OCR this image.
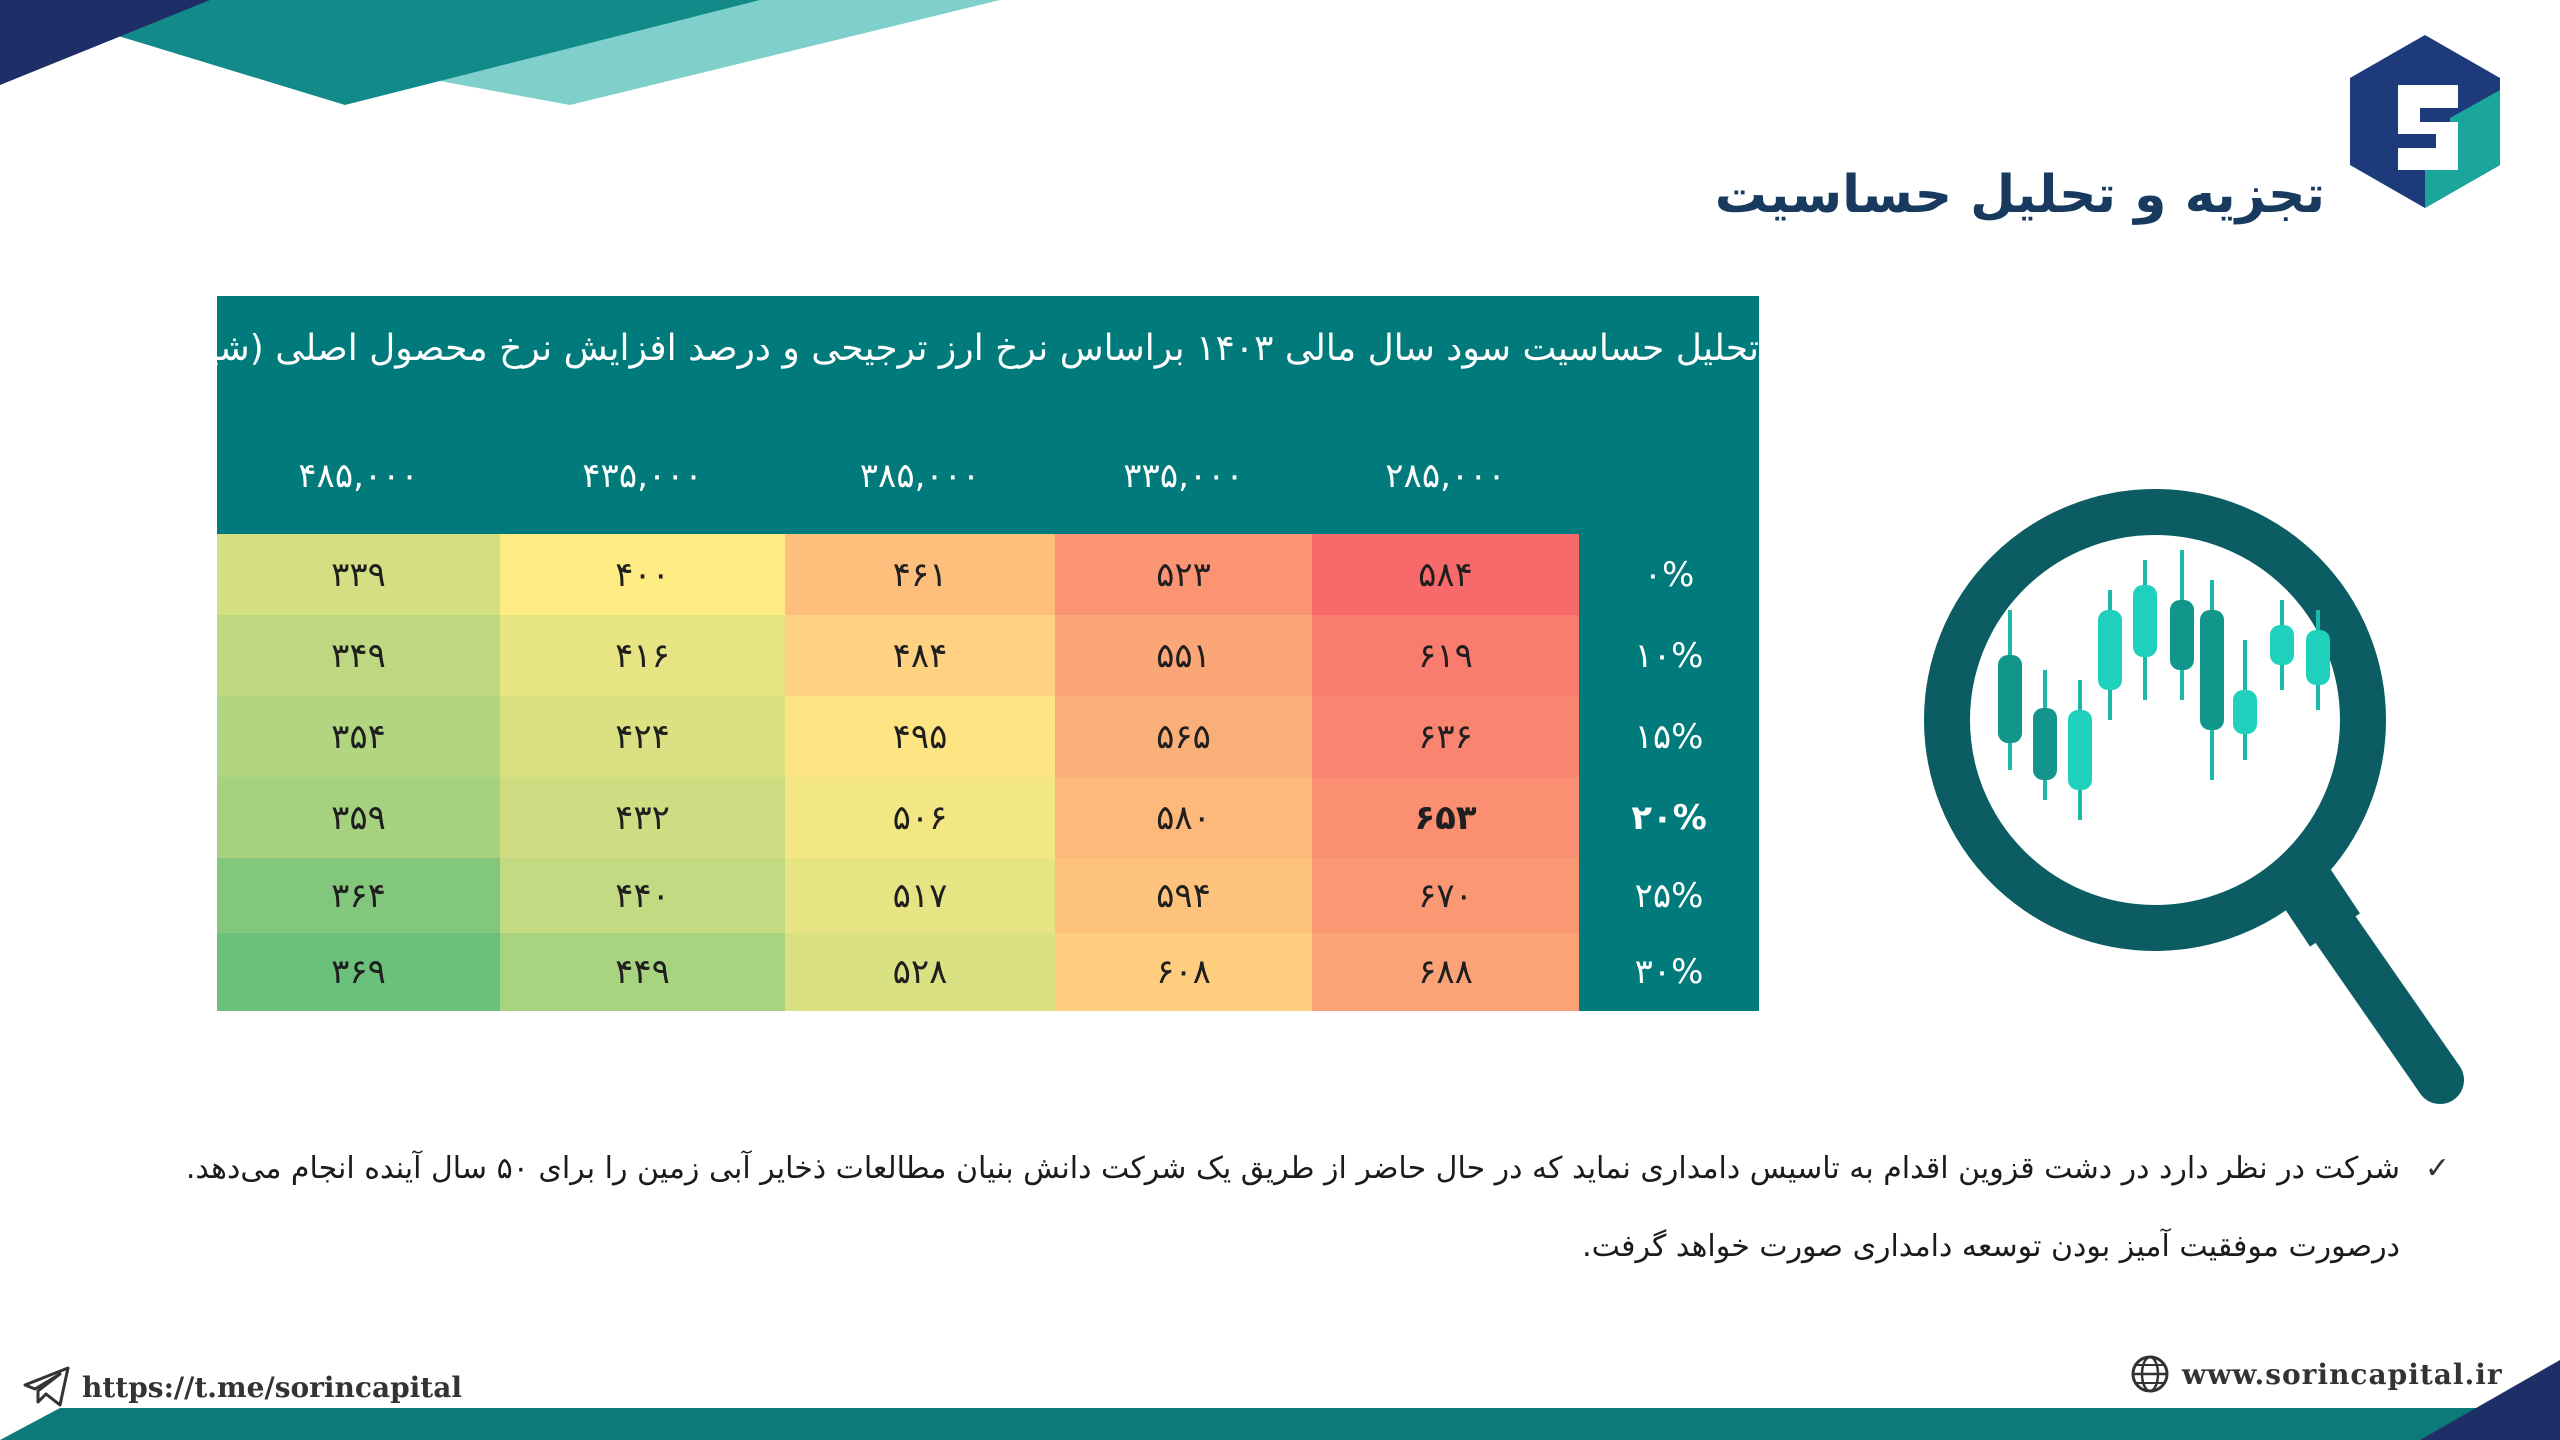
تجزیه و تحلیل حساسیت
تحلیل حساسیت سود سال مالی ۱۴۰۳ براساس نرخ ارز ترجیحی و درصد افزایش نرخ محصول اصلی (شیر)
۲۸۵,۰۰۰
۳۳۵,۰۰۰
۳۸۵,۰۰۰
۴۳۵,۰۰۰
۴۸۵,۰۰۰
۰%
۵۸۴
۵۲۳
۴۶۱
۴۰۰
۳۳۹
۱۰%
۶۱۹
۵۵۱
۴۸۴
۴۱۶
۳۴۹
۱۵%
۶۳۶
۵۶۵
۴۹۵
۴۲۴
۳۵۴
۲۰%
۶۵۳
۵۸۰
۵۰۶
۴۳۲
۳۵۹
۲۵%
۶۷۰
۵۹۴
۵۱۷
۴۴۰
۳۶۴
۳۰%
۶۸۸
۶۰۸
۵۲۸
۴۴۹
۳۶۹
✓
شرکت در نظر دارد در دشت قزوین اقدام به تاسیس دامداری نماید که در حال حاضر از طریق یک شرکت دانش بنیان مطالعات ذخایر آبی زمین را برای ۵۰ سال آینده انجام می‌دهد. درصورت موفقیت آمیز بودن توسعه دامداری صورت خواهد گرفت.
https://t.me/sorincapital	www.sorincapital.ir
